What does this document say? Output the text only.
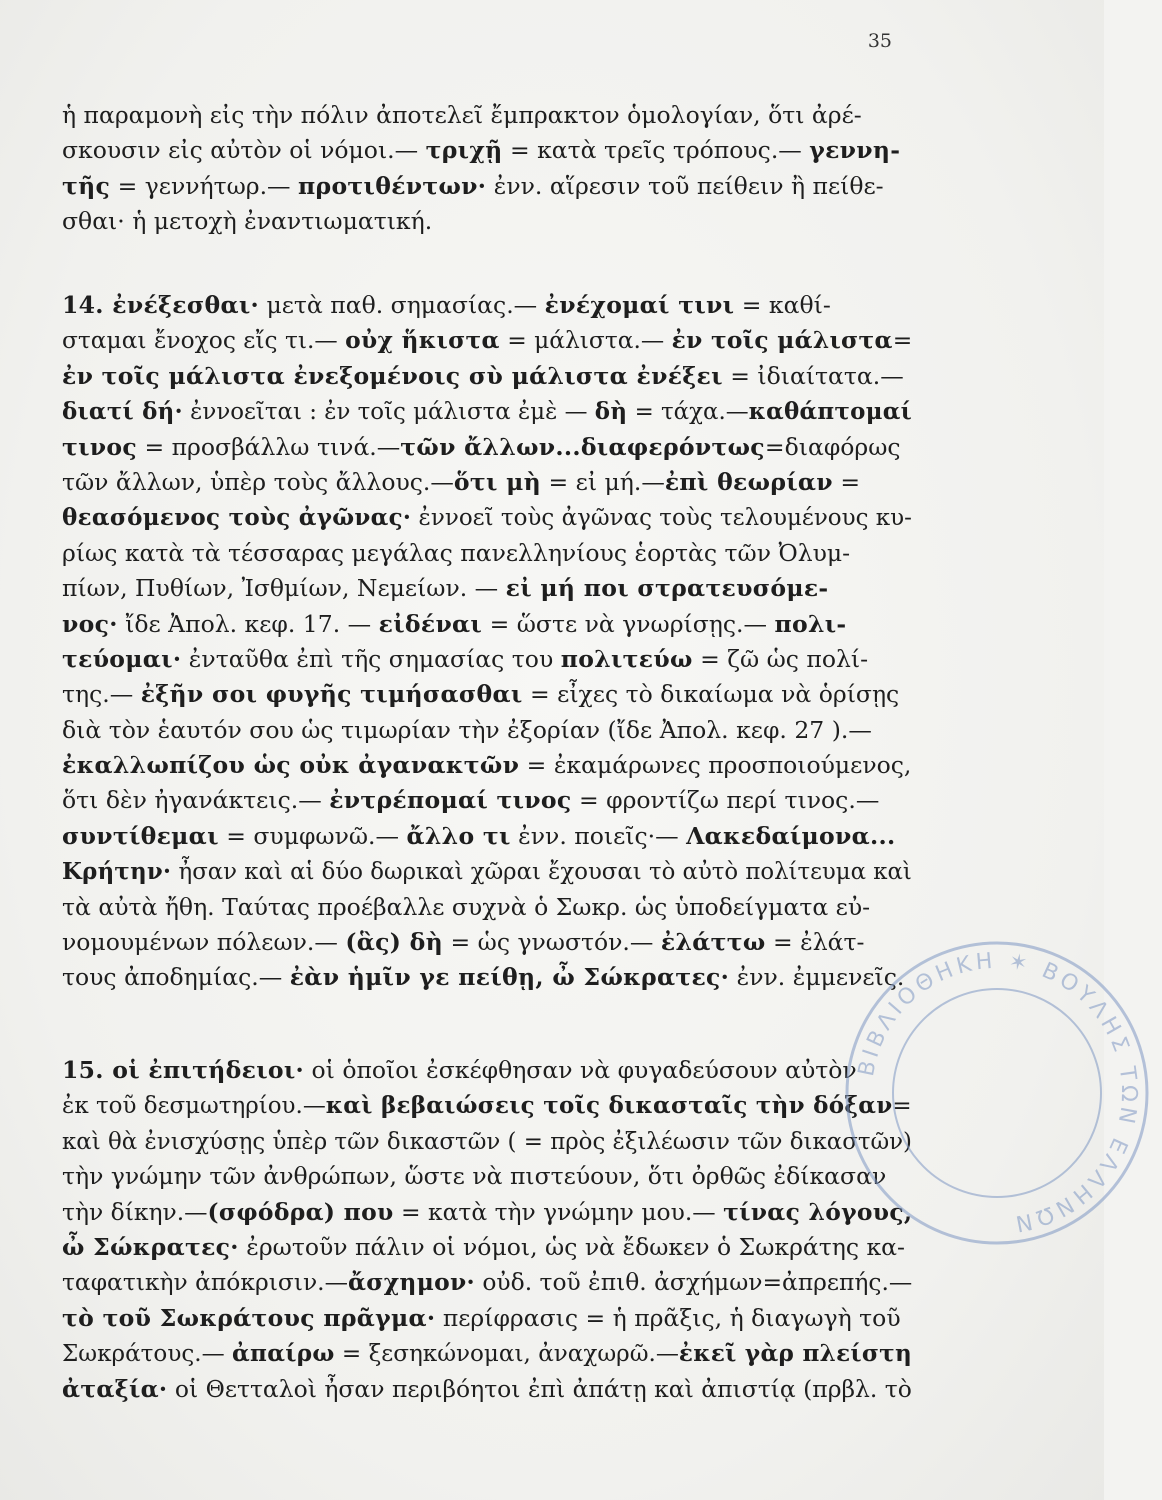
35
ἡ παραμονὴ εἰς τὴν πόλιν ἀποτελεῖ ἔμπρακτον ὁμολογίαν, ὅτι ἀρέ-
σκουσιν εἰς αὐτὸν οἱ νόμοι.— τριχῇ = κατὰ τρεῖς τρόπους.— γεννη-
τῆς = γεννήτωρ.— προτιθέντων· ἐνν. αἵρεσιν τοῦ πείθειν ἢ πείθε-
σθαι· ἡ μετοχὴ ἐναντιωματική.
14. ἐνέξεσθαι· μετὰ παθ. σημασίας.— ἐνέχομαί τινι = καθί-
σταμαι ἔνοχος εἴς τι.— οὐχ ἥκιστα = μάλιστα.— ἐν τοῖς μάλιστα=
ἐν τοῖς μάλιστα ἐνεξομένοις σὺ μάλιστα ἐνέξει = ἰδιαίτατα.—
διατί δή· ἐννοεῖται : ἐν τοῖς μάλιστα ἐμὲ — δὴ = τάχα.—καθάπτομαί
τινος = προσβάλλω τινά.—τῶν ἄλλων...διαφερόντως=διαφόρως
τῶν ἄλλων, ὑπὲρ τοὺς ἄλλους.—ὅτι μὴ = εἰ μή.—ἐπὶ θεωρίαν =
θεασόμενος τοὺς ἀγῶνας· ἐννοεῖ τοὺς ἀγῶνας τοὺς τελουμένους κυ-
ρίως κατὰ τὰ τέσσαρας μεγάλας πανελληνίους ἑορτὰς τῶν Ὀλυμ-
πίων, Πυθίων, Ἰσθμίων, Νεμείων. — εἰ μή ποι στρατευσόμε-
νος· ἴδε Ἀπολ. κεφ. 17. — εἰδέναι = ὥστε νὰ γνωρίσῃς.— πολι-
τεύομαι· ἐνταῦθα ἐπὶ τῆς σημασίας του πολιτεύω = ζῶ ὡς πολί-
της.— ἐξῆν σοι φυγῆς τιμήσασθαι = εἶχες τὸ δικαίωμα νὰ ὁρίσῃς
διὰ τὸν ἑαυτόν σου ὡς τιμωρίαν τὴν ἐξορίαν (ἴδε Ἀπολ. κεφ. 27 ).—
ἐκαλλωπίζου ὡς οὐκ ἀγανακτῶν = ἐκαμάρωνες προσποιούμενος,
ὅτι δὲν ἠγανάκτεις.— ἐντρέπομαί τινος = φροντίζω περί τινος.—
συντίθεμαι = συμφωνῶ.— ἄλλο τι ἐνν. ποιεῖς·— Λακεδαίμονα...
Κρήτην· ἦσαν καὶ αἱ δύο δωρικαὶ χῶραι ἔχουσαι τὸ αὐτὸ πολίτευμα καὶ
τὰ αὐτὰ ἤθη. Ταύτας προέβαλλε συχνὰ ὁ Σωκρ. ὡς ὑποδείγματα εὐ-
νομουμένων πόλεων.— (ἃς) δὴ = ὡς γνωστόν.— ἐλάττω = ἐλάτ-
τους ἀποδημίας.— ἐὰν ἡμῖν γε πείθῃ, ὦ Σώκρατες· ἐνν. ἐμμενεῖς.
15. οἱ ἐπιτήδειοι· οἱ ὁποῖοι ἐσκέφθησαν νὰ φυγαδεύσουν αὐτὸν
ἐκ τοῦ δεσμωτηρίου.—καὶ βεβαιώσεις τοῖς δικασταῖς τὴν δόξαν=
καὶ θὰ ἐνισχύσῃς ὑπὲρ τῶν δικαστῶν ( = πρὸς ἐξιλέωσιν τῶν δικαστῶν)
τὴν γνώμην τῶν ἀνθρώπων, ὥστε νὰ πιστεύουν, ὅτι ὀρθῶς ἐδίκασαν
τὴν δίκην.—(σφόδρα) που = κατὰ τὴν γνώμην μου.— τίνας λόγους,
ὦ Σώκρατες· ἐρωτοῦν πάλιν οἱ νόμοι, ὡς νὰ ἔδωκεν ὁ Σωκράτης κα-
ταφατικὴν ἀπόκρισιν.—ἄσχημον· οὐδ. τοῦ ἐπιθ. ἀσχήμων=ἀπρεπής.—
τὸ τοῦ Σωκράτους πρᾶγμα· περίφρασις = ἡ πρᾶξις, ἡ διαγωγὴ τοῦ
Σωκράτους.— ἀπαίρω = ξεσηκώνομαι, ἀναχωρῶ.—ἐκεῖ γὰρ πλείστη
ἀταξία· οἱ Θετταλοὶ ἦσαν περιβόητοι ἐπὶ ἀπάτῃ καὶ ἀπιστίᾳ (πρβλ. τὸ
ΒΙΒΛΙΟΘΗΚΗ ✶ ΒΟΥΛΗΣ ΤΩΝ ΕΛΛΗΝΩΝ
